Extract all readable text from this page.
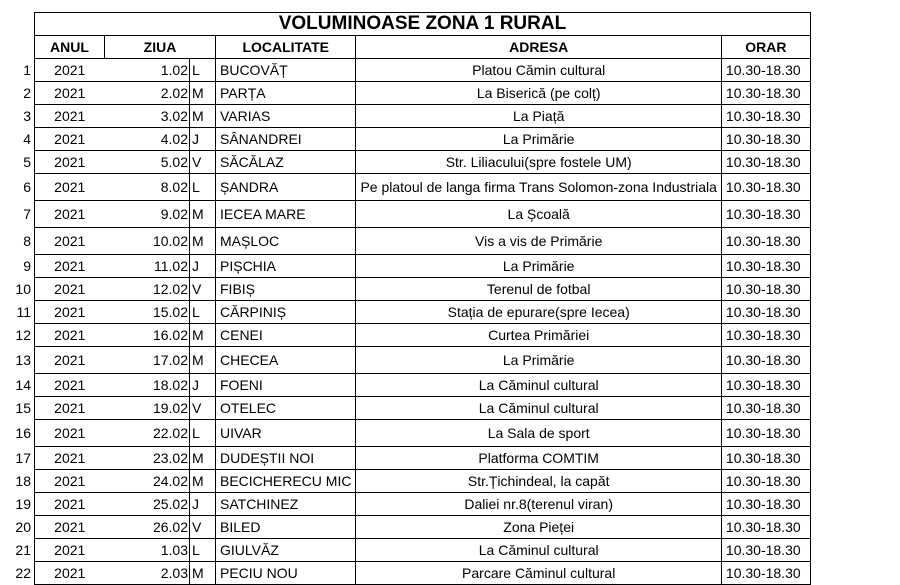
	VOLUMINOASE ZONA 1 RURAL					
	ANUL	ZIUA		LOCALITATE	ADRESA	ORAR
1	2021	1.02	L	BUCOVĂȚ	Platou Cămin cultural	10.30-18.30
2	2021	2.02	M	PARȚA	La Biserică (pe colț)	10.30-18.30
3	2021	3.02	M	VARIAS	La Piață	10.30-18.30
4	2021	4.02	J	SÂNANDREI	La Primărie	10.30-18.30
5	2021	5.02	V	SĂCĂLAZ	Str. Liliacului(spre fostele UM)	10.30-18.30
6	2021	8.02	L	ȘANDRA	Pe platoul de langa firma Trans Solomon-zona Industriala	10.30-18.30
7	2021	9.02	M	IECEA MARE	La Școală	10.30-18.30
8	2021	10.02	M	MAȘLOC	Vis a vis de Primărie	10.30-18.30
9	2021	11.02	J	PIȘCHIA	La Primărie	10.30-18.30
10	2021	12.02	V	FIBIȘ	Terenul de fotbal	10.30-18.30
11	2021	15.02	L	CĂRPINIȘ	Stația de epurare(spre Iecea)	10.30-18.30
12	2021	16.02	M	CENEI	Curtea Primăriei	10.30-18.30
13	2021	17.02	M	CHECEA	La Primărie	10.30-18.30
14	2021	18.02	J	FOENI	La Căminul cultural	10.30-18.30
15	2021	19.02	V	OTELEC	La Căminul cultural	10.30-18.30
16	2021	22.02	L	UIVAR	La Sala de sport	10.30-18.30
17	2021	23.02	M	DUDEȘTII NOI	Platforma COMTIM	10.30-18.30
18	2021	24.02	M	BECICHERECU MIC	Str.Țichindeal, la capăt	10.30-18.30
19	2021	25.02	J	SATCHINEZ	Daliei nr.8(terenul viran)	10.30-18.30
20	2021	26.02	V	BILED	Zona Pieței	10.30-18.30
21	2021	1.03	L	GIULVĂZ	La Căminul cultural	10.30-18.30
22	2021	2.03	M	PECIU NOU	Parcare Căminul cultural	10.30-18.30
